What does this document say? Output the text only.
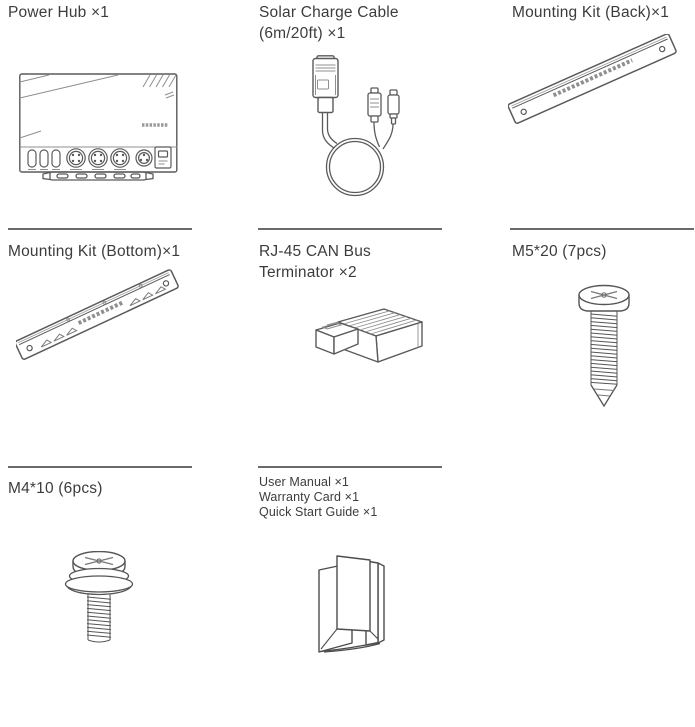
Power Hub ×1	Solar Charge Cable
(6m/20ft) ×1
Mounting Kit (Back)×1
Mounting Kit (Bottom)×1	RJ-45 CAN Bus
Terminator ×2
M5*20 (7pcs)
M4*10 (6pcs)	User Manual ×1
Warranty Card ×1
Quick Start Guide ×1
